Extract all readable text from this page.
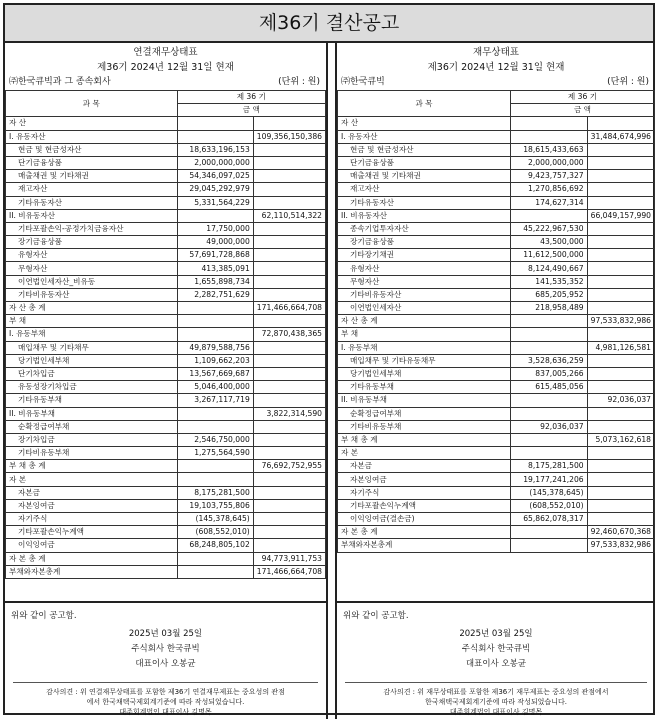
제36기 결산공고
연결재무상태표
제36기 2024년 12월 31일 현재
㈜한국큐빅과 그 종속회사	(단위 : 원)
과 목	제 36 기	
	금 액	
자 산		
I. 유동자산		109,356,150,386
현금 및 현금성자산	18,633,196,153	
단기금융상품	2,000,000,000	
매출채권 및 기타채권	54,346,097,025	
재고자산	29,045,292,979	
기타유동자산	5,331,564,229	
II. 비유동자산		62,110,514,322
기타포괄손익-공정가치금융자산	17,750,000	
장기금융상품	49,000,000	
유형자산	57,691,728,868	
무형자산	413,385,091	
이연법인세자산_비유동	1,655,898,734	
기타비유동자산	2,282,751,629	
자 산 총 계		171,466,664,708
부 채		
I. 유동부채		72,870,438,365
매입채무 및 기타채무	49,879,588,756	
당기법인세부채	1,109,662,203	
단기차입금	13,567,669,687	
유동성장기차입금	5,046,400,000	
기타유동부채	3,267,117,719	
II. 비유동부채		3,822,314,590
순확정급여부채		
장기차입금	2,546,750,000	
기타비유동부채	1,275,564,590	
부 채 총 계		76,692,752,955
자 본		
자본금	8,175,281,500	
자본잉여금	19,103,755,806	
자기주식	(145,378,645)	
기타포괄손익누계액	(608,552,010)	
이익잉여금	68,248,805,102	
자 본 총 계		94,773,911,753
부채와자본총계		171,466,664,708
재무상태표
제36기 2024년 12월 31일 현재
㈜한국큐빅	(단위 : 원)
과 목	제 36 기	
	금 액	
자 산		
I. 유동자산		31,484,674,996
현금 및 현금성자산	18,615,433,663	
단기금융상품	2,000,000,000	
매출채권 및 기타채권	9,423,757,327	
재고자산	1,270,856,692	
기타유동자산	174,627,314	
II. 비유동자산		66,049,157,990
종속기업투자자산	45,222,967,530	
장기금융상품	43,500,000	
기타장기채권	11,612,500,000	
유형자산	8,124,490,667	
무형자산	141,535,352	
기타비유동자산	685,205,952	
이연법인세자산	218,958,489	
자 산 총 계		97,533,832,986
부 채		
I. 유동부채		4,981,126,581
매입채무 및 기타유동채무	3,528,636,259	
당기법인세부채	837,005,266	
기타유동부채	615,485,056	
II. 비유동부채		92,036,037
순확정급여부채		
기타비유동부채	92,036,037	
부 채 총 계		5,073,162,618
자 본		
자본금	8,175,281,500	
자본잉여금	19,177,241,206	
자기주식	(145,378,645)	
기타포괄손익누계액	(608,552,010)	
이익잉여금(결손금)	65,862,078,317	
자 본 총 계		92,460,670,368
부채와자본총계		97,533,832,986
위와 같이 공고함.
2025년 03월 25일
주식회사 한국큐빅
대표이사 오봉균
감사의견 : 위 연결재무상태표를 포함한 제36기 연결재무제표는 중요성의 관점
에서 한국채택국제회계기준에 따라 작성되었습니다.
대주회계법인 대표이사 김명목
위와 같이 공고함.
2025년 03월 25일
주식회사 한국큐빅
대표이사 오봉균
감사의견 : 위 재무상태표를 포함한 제36기 재무제표는 중요성의 관점에서
한국채택국제회계기준에 따라 작성되었습니다.
대주회계법인 대표이사 김명목
